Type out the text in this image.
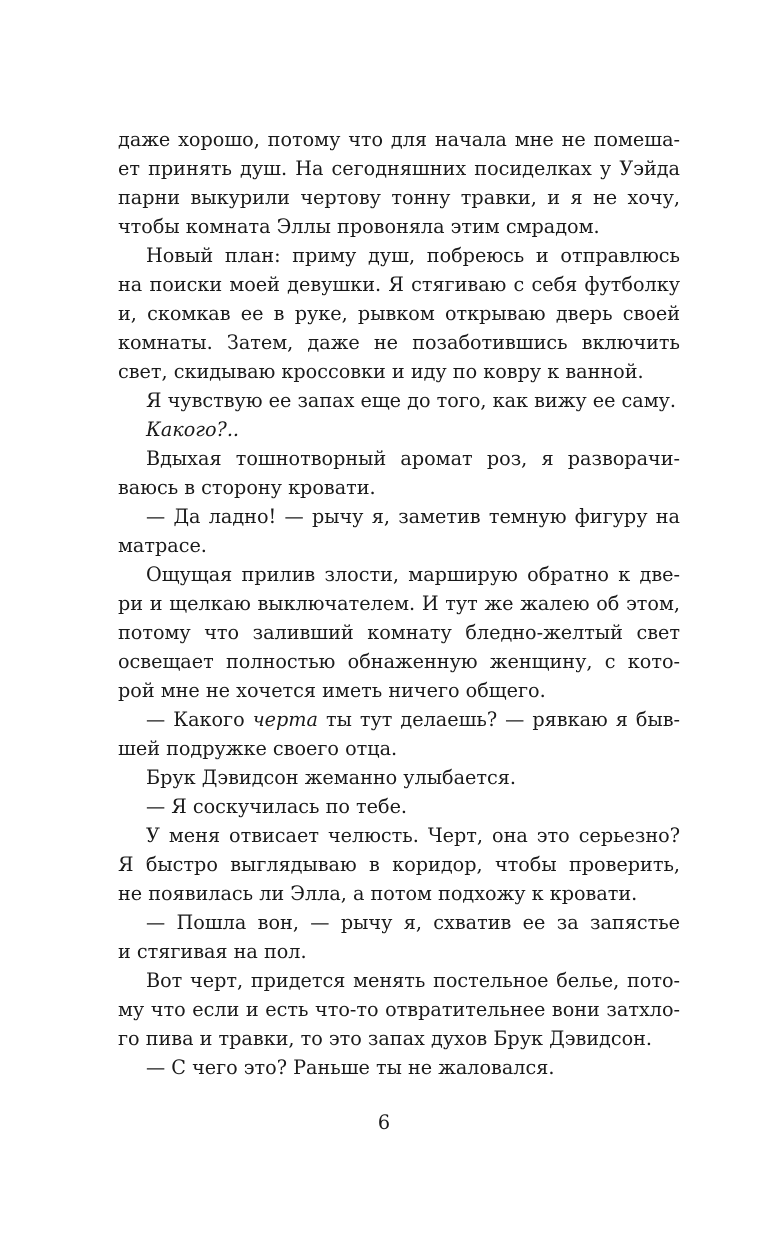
даже хорошо, потому что для начала мне не помеша-
ет принять душ. На сегодняшних посиделках у Уэйда
парни выкурили чертову тонну травки, и я не хочу,
чтобы комната Эллы провоняла этим смрадом.
Новый план: приму душ, побреюсь и отправлюсь
на поиски моей девушки. Я стягиваю с себя футболку
и, скомкав ее в руке, рывком открываю дверь своей
комнаты. Затем, даже не позаботившись включить
свет, скидываю кроссовки и иду по ковру к ванной.
Я чувствую ее запах еще до того, как вижу ее саму.
Какого?..
Вдыхая тошнотворный аромат роз, я разворачи-
ваюсь в сторону кровати.
— Да ладно! — рычу я, заметив темную фигуру на
матрасе.
Ощущая прилив злости, марширую обратно к две-
ри и щелкаю выключателем. И тут же жалею об этом,
потому что заливший комнату бледно-желтый свет
освещает полностью обнаженную женщину, с кото-
рой мне не хочется иметь ничего общего.
— Какого черта ты тут делаешь? — рявкаю я быв-
шей подружке своего отца.
Брук Дэвидсон жеманно улыбается.
— Я соскучилась по тебе.
У меня отвисает челюсть. Черт, она это серьезно?
Я быстро выглядываю в коридор, чтобы проверить,
не появилась ли Элла, а потом подхожу к кровати.
— Пошла вон, — рычу я, схватив ее за запястье
и стягивая на пол.
Вот черт, придется менять постельное белье, пото-
му что если и есть что-то отвратительнее вони затхло-
го пива и травки, то это запах духов Брук Дэвидсон.
— С чего это? Раньше ты не жаловался.
6
